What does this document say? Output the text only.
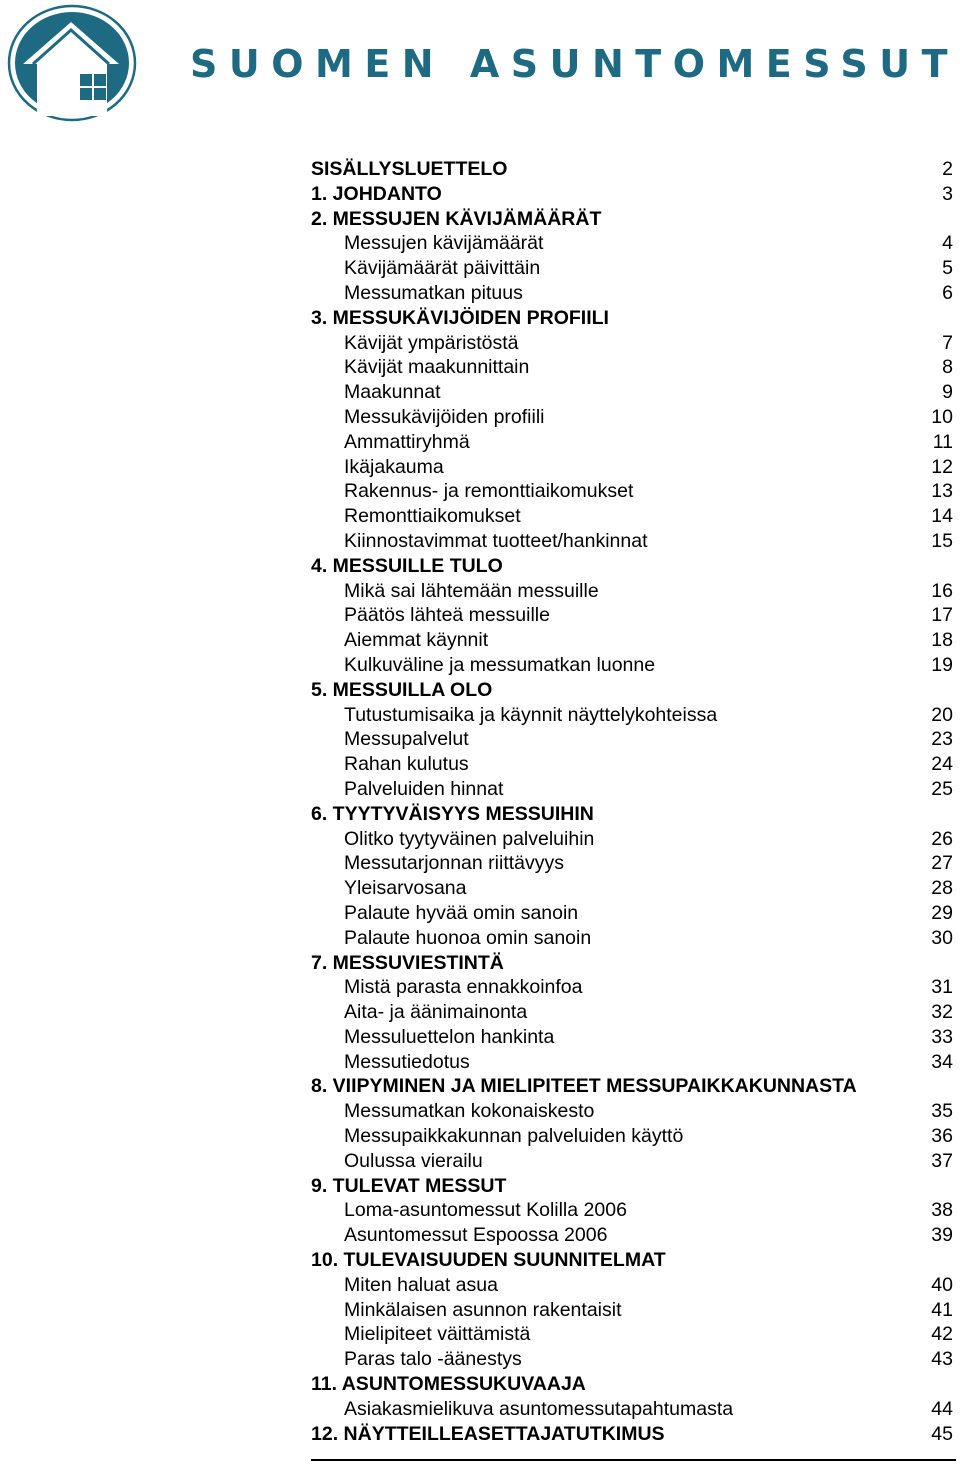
SUOMEN ASUNTOMESSUT
SISÄLLYSLUETTELO	2
1. JOHDANTO	3
2. MESSUJEN KÄVIJÄMÄÄRÄT
Messujen kävijämäärät	4
Kävijämäärät päivittäin	5
Messumatkan pituus	6
3. MESSUKÄVIJÖIDEN PROFIILI
Kävijät ympäristöstä	7
Kävijät maakunnittain	8
Maakunnat	9
Messukävijöiden profiili	10
Ammattiryhmä	11
Ikäjakauma	12
Rakennus- ja remonttiaikomukset	13
Remonttiaikomukset	14
Kiinnostavimmat tuotteet/hankinnat	15
4. MESSUILLE TULO
Mikä sai lähtemään messuille	16
Päätös lähteä messuille	17
Aiemmat käynnit	18
Kulkuväline ja messumatkan luonne	19
5. MESSUILLA OLO
Tutustumisaika ja käynnit näyttelykohteissa	20
Messupalvelut	23
Rahan kulutus	24
Palveluiden hinnat	25
6. TYYTYVÄISYYS MESSUIHIN
Olitko tyytyväinen palveluihin	26
Messutarjonnan riittävyys	27
Yleisarvosana	28
Palaute hyvää omin sanoin	29
Palaute huonoa omin sanoin	30
7. MESSUVIESTINTÄ
Mistä parasta ennakkoinfoa	31
Aita- ja äänimainonta	32
Messuluettelon hankinta	33
Messutiedotus	34
8. VIIPYMINEN JA MIELIPITEET MESSUPAIKKAKUNNASTA
Messumatkan kokonaiskesto	35
Messupaikkakunnan palveluiden käyttö	36
Oulussa vierailu	37
9. TULEVAT MESSUT
Loma-asuntomessut Kolilla 2006	38
Asuntomessut Espoossa 2006	39
10. TULEVAISUUDEN SUUNNITELMAT
Miten haluat asua	40
Minkälaisen asunnon rakentaisit	41
Mielipiteet väittämistä	42
Paras talo -äänestys	43
11. ASUNTOMESSUKUVAAJA
Asiakasmielikuva asuntomessutapahtumasta	44
12. NÄYTTEILLEASETTAJATUTKIMUS	45
